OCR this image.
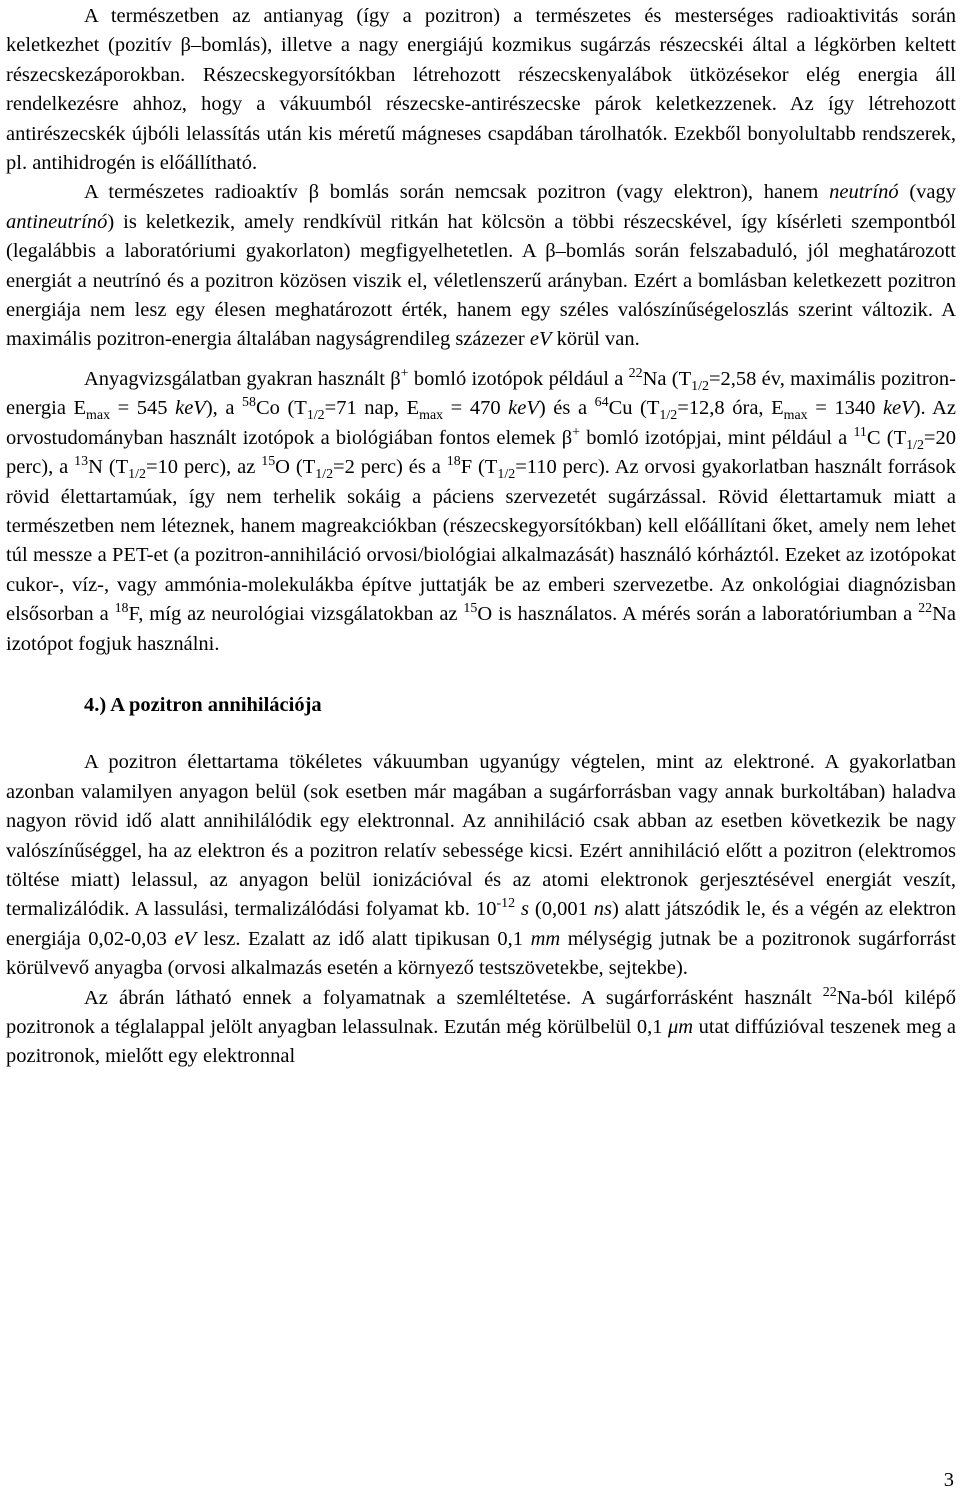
A természetben az antianyag (így a pozitron) a természetes és mesterséges radioaktivitás során keletkezhet (pozitív β–bomlás), illetve a nagy energiájú kozmikus sugárzás részecskéi által a légkörben keltett részecskezáporokban. Részecskegyorsítókban létrehozott részecskenyalábok ütközésekor elég energia áll rendelkezésre ahhoz, hogy a vákuumból részecske-antirészecske párok keletkezzenek. Az így létrehozott antirészecskék újbóli lelassítás után kis méretű mágneses csapdában tárolhatók. Ezekből bonyolultabb rendszerek, pl. antihidrogén is előállítható.

A természetes radioaktív β bomlás során nemcsak pozitron (vagy elektron), hanem neutrínó (vagy antineutrínó) is keletkezik, amely rendkívül ritkán hat kölcsön a többi részecskével, így kísérleti szempontból (legalábbis a laboratóriumi gyakorlaton) megfigyelhetetlen. A β–bomlás során felszabaduló, jól meghatározott energiát a neutrínó és a pozitron közösen viszik el, véletlenszerű arányban. Ezért a bomlásban keletkezett pozitron energiája nem lesz egy élesen meghatározott érték, hanem egy széles valószínűségeloszlás szerint változik. A maximális pozitron-energia általában nagyságrendileg százezer eV körül van.

Anyagvizsgálatban gyakran használt β+ bomló izotópok például a $^{22}$Na ($T_{1/2}=2,58$ év, maximális pozitron-energia $E_{max} = 545$ keV), a $^{58}$Co ($T_{1/2}=71$ nap, $E_{max} = 470$ keV) és a $^{64}$Cu ($T_{1/2}=12,8$ óra, $E_{max} = 1340$ keV). Az orvostudományban használt izotópok a biológiában fontos elemek β+ bomló izotópjai, mint például a $^{11}$C ($T_{1/2}=20$ perc), a $^{13}$N ($T_{1/2}=10$ perc), az $^{15}$O ($T_{1/2}=2$ perc) és a $^{18}$F ($T_{1/2}=110$ perc). Az orvosi gyakorlatban használt források rövid élettartamúak, így nem terhelik sokáig a páciens szervezetét sugárzással. Rövid élettartamuk miatt a természetben nem léteznek, hanem magreakciókban (részecskegyorsítókban) kell előállítani őket, amely nem lehet túl messze a PET-et (a pozitron-annihiláció orvosi/biológiai alkalmazását) használó kórháztól. Ezeket az izotópokat cukor-, víz-, vagy ammónia-molekulákba építve juttatják be az emberi szervezetbe. Az onkológiai diagnózisban elsősorban a $^{18}$F, míg az neurológiai vizsgálatokban az $^{15}$O is használatos. A mérés során a laboratóriumban a $^{22}$Na izotópot fogjuk használni.

4.) A pozitron annihilációja

A pozitron élettartama tökéletes vákuumban ugyanúgy végtelen, mint az elektroné. A gyakorlatban azonban valamilyen anyagon belül (sok esetben már magában a sugárforrásban vagy annak burkoltában) haladva nagyon rövid idő alatt annihilálódik egy elektronnal. Az annihiláció csak abban az esetben következik be nagy valószínűséggel, ha az elektron és a pozitron relatív sebessége kicsi. Ezért annihiláció előtt a pozitron (elektromos töltése miatt) lelassul, az anyagon belül ionizációval és az atomi elektronok gerjesztésével energiát veszít, termalizálódik. A lassulási, termalizálódási folyamat kb. $10^{-12}$ s (0,001 ns) alatt játszódik le, és a végén az elektron energiája 0,02-0,03 eV lesz. Ezalatt az idő alatt tipikusan 0,1 mm mélységig jutnak be a pozitronok sugárforrást körülvevő anyagba (orvosi alkalmazás esetén a környező testszövetekbe, sejtekbe).

Az ábrán látható ennek a folyamatnak a szemléltetése. A sugárforrásként használt $^{22}$Na-ból kilépő pozitronok a téglalappal jelölt anyagban lelassulnak. Ezután még körülbelül 0,1 μm utat diffúzióval teszenek meg a pozitronok, mielőtt egy elektronnal

3
